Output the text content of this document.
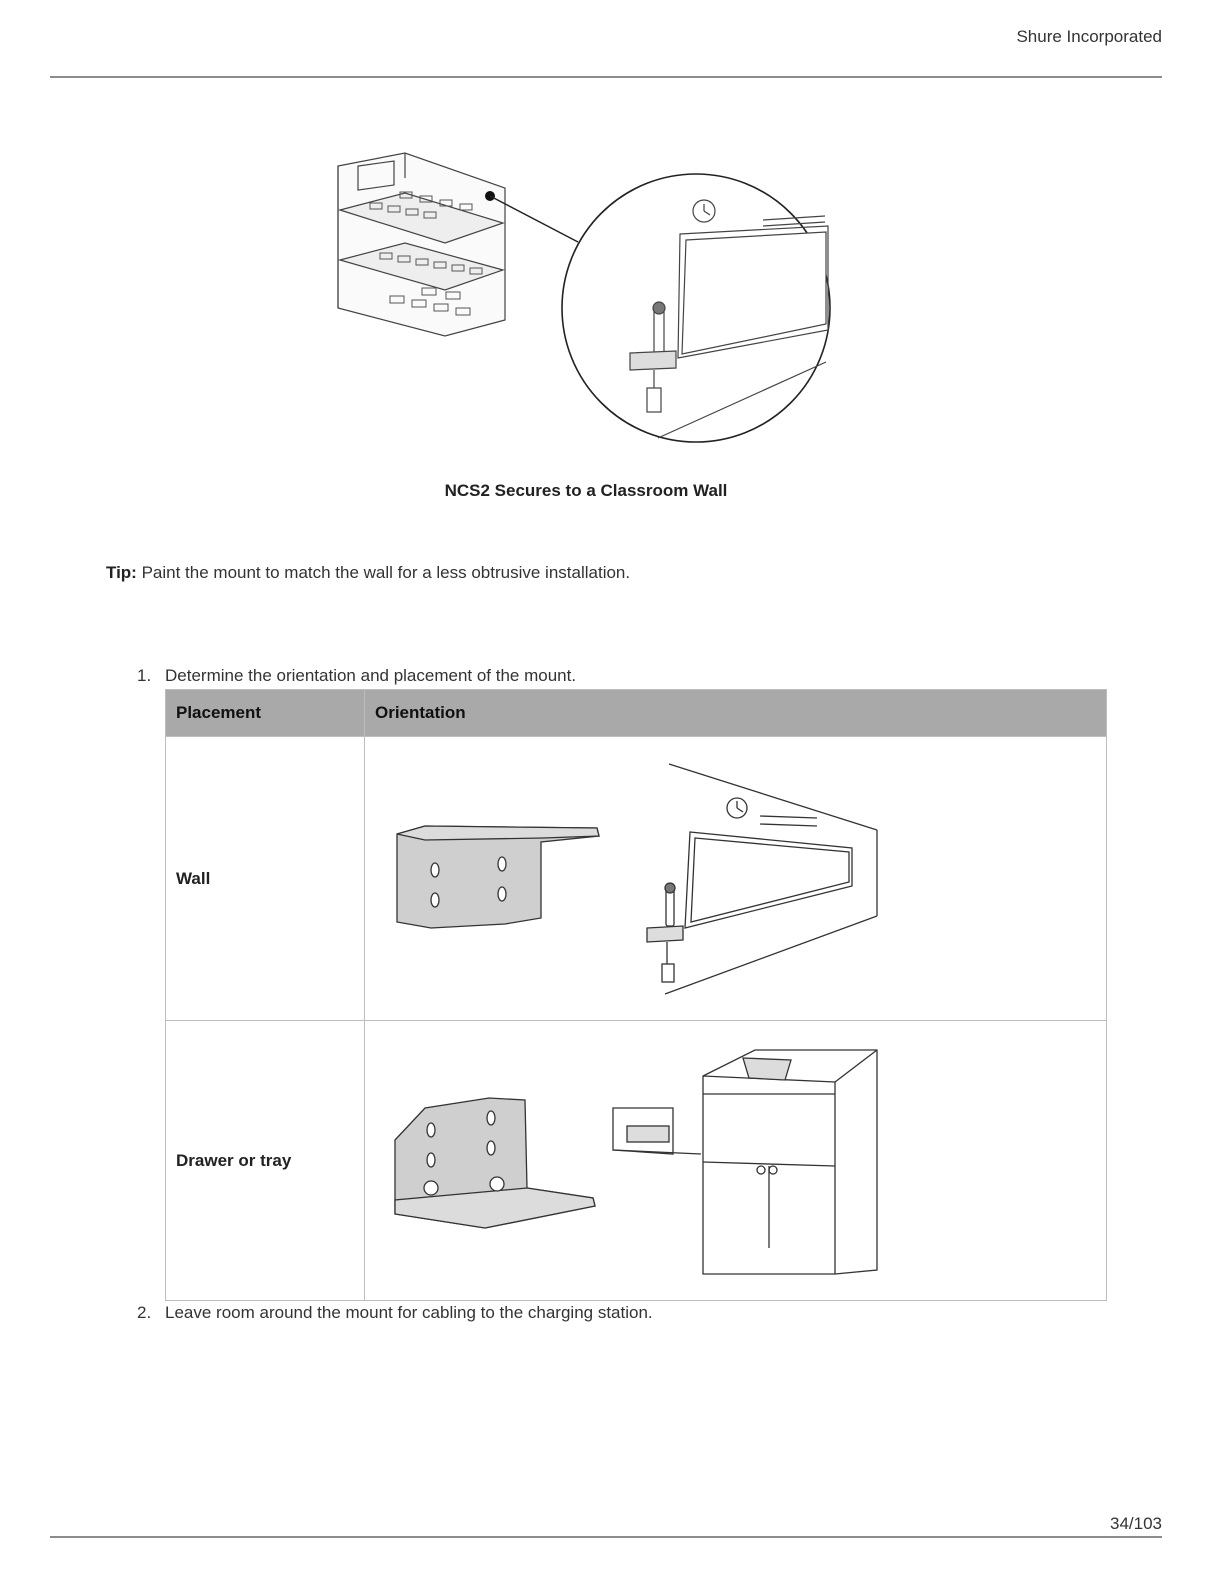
Shure Incorporated
NCS2 Secures to a Classroom Wall
Tip: Paint the mount to match the wall for a less obtrusive installation.
1. Determine the orientation and placement of the mount.
Placement	Orientation
Wall	

Drawer or tray	
2. Leave room around the mount for cabling to the charging station.
34/103
